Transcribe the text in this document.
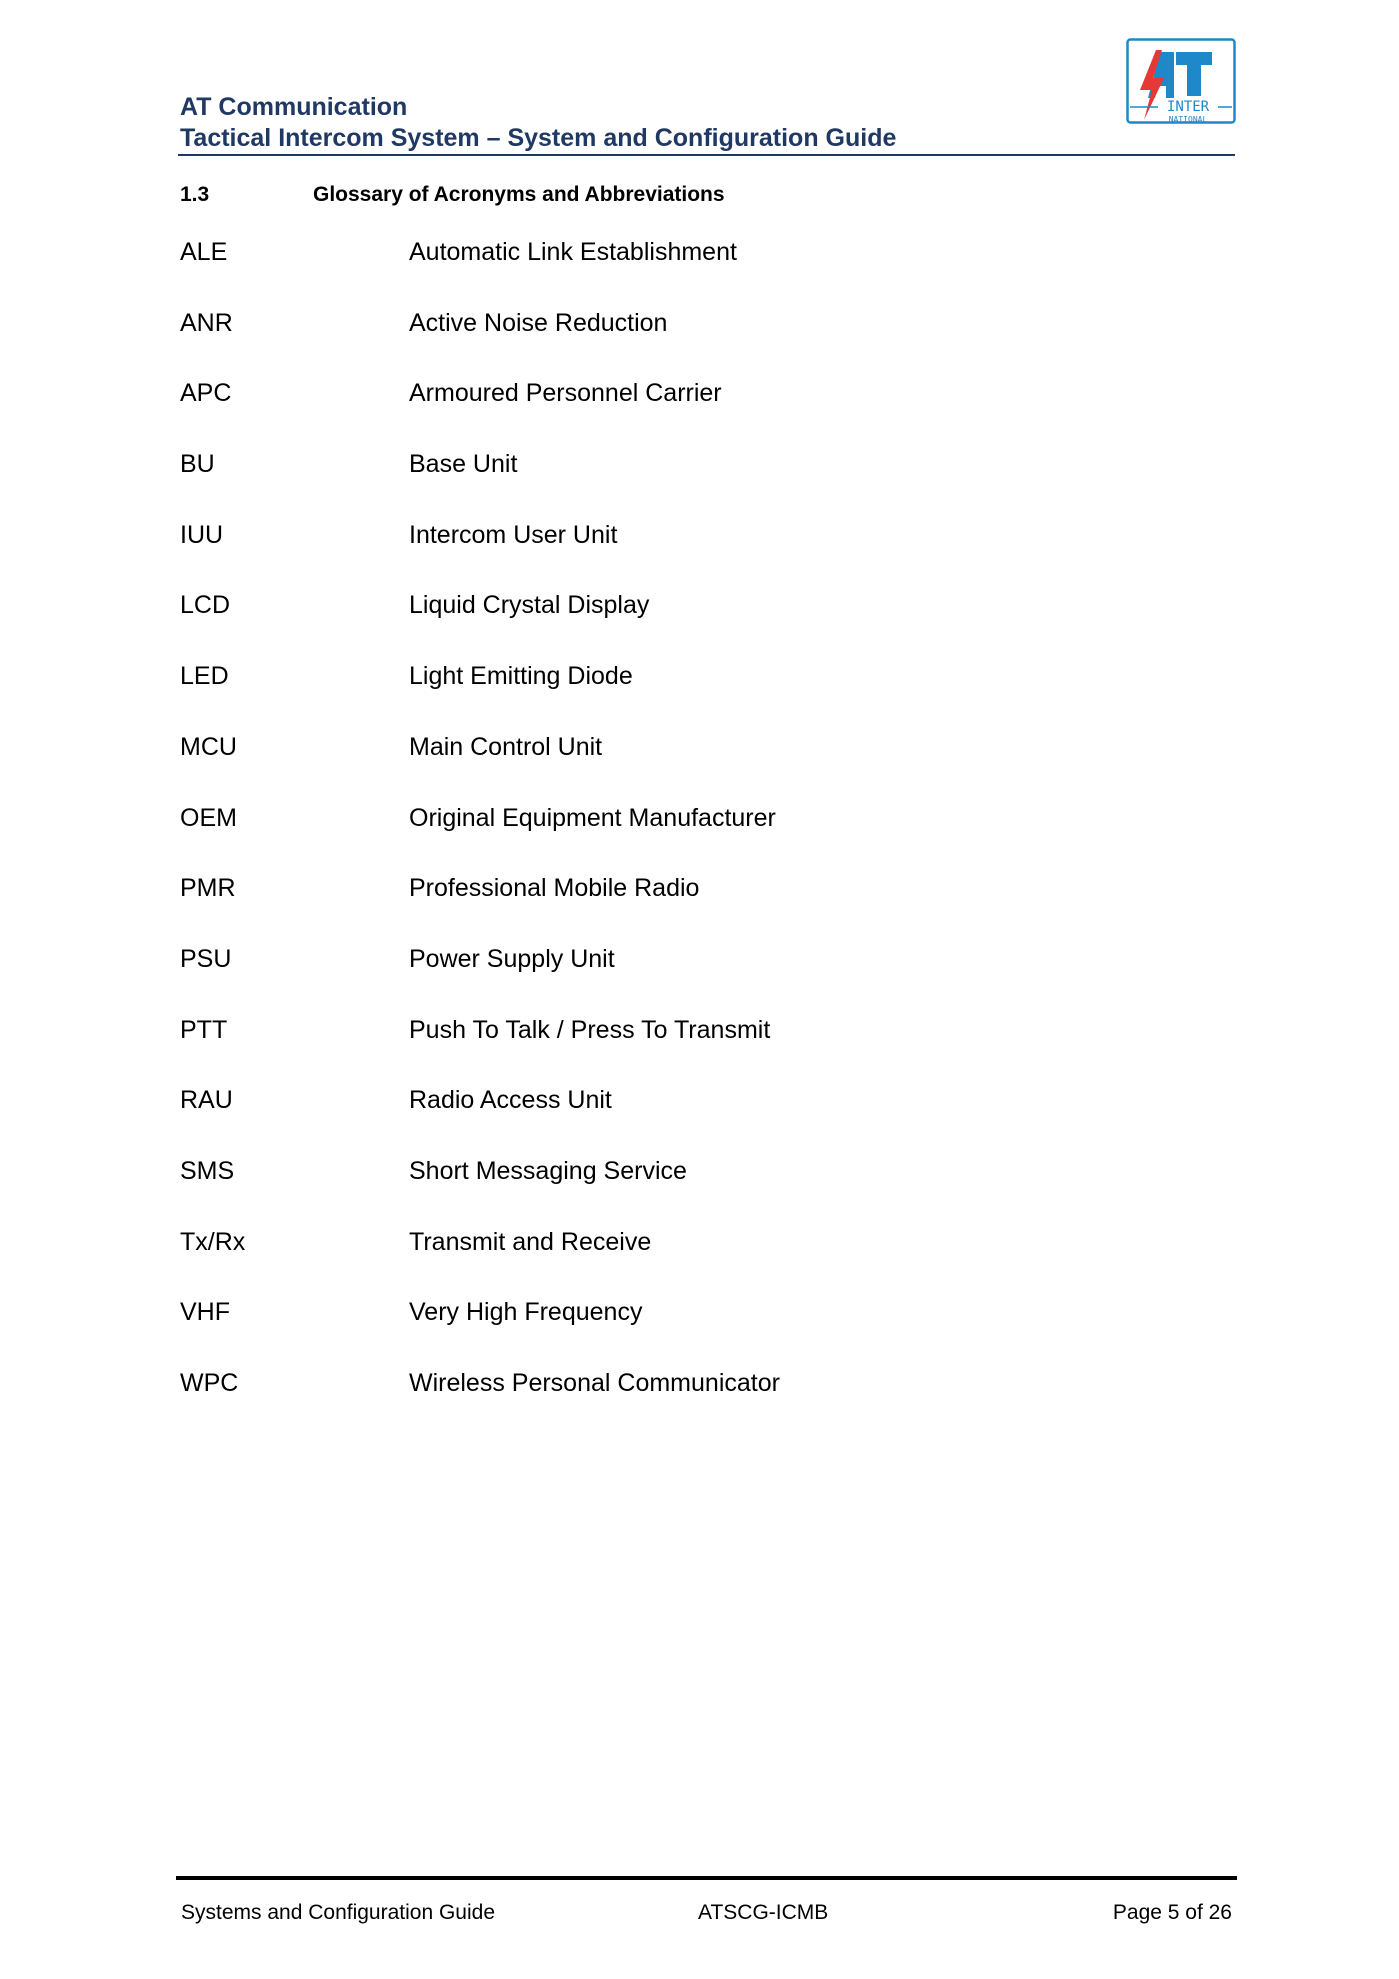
AT Communication
Tactical Intercom System – System and Configuration Guide
INTER
NATIONAL
1.3	Glossary of Acronyms and Abbreviations
ALE	Automatic Link Establishment
ANR	Active Noise Reduction
APC	Armoured Personnel Carrier
BU	Base Unit
IUU	Intercom User Unit
LCD	Liquid Crystal Display
LED	Light Emitting Diode
MCU	Main Control Unit
OEM	Original Equipment Manufacturer
PMR	Professional Mobile Radio
PSU	Power Supply Unit
PTT	Push To Talk / Press To Transmit
RAU	Radio Access Unit
SMS	Short Messaging Service
Tx/Rx	Transmit and Receive
VHF	Very High Frequency
WPC	Wireless Personal Communicator
Systems and Configuration Guide	ATSCG-ICMB	Page 5 of 26
